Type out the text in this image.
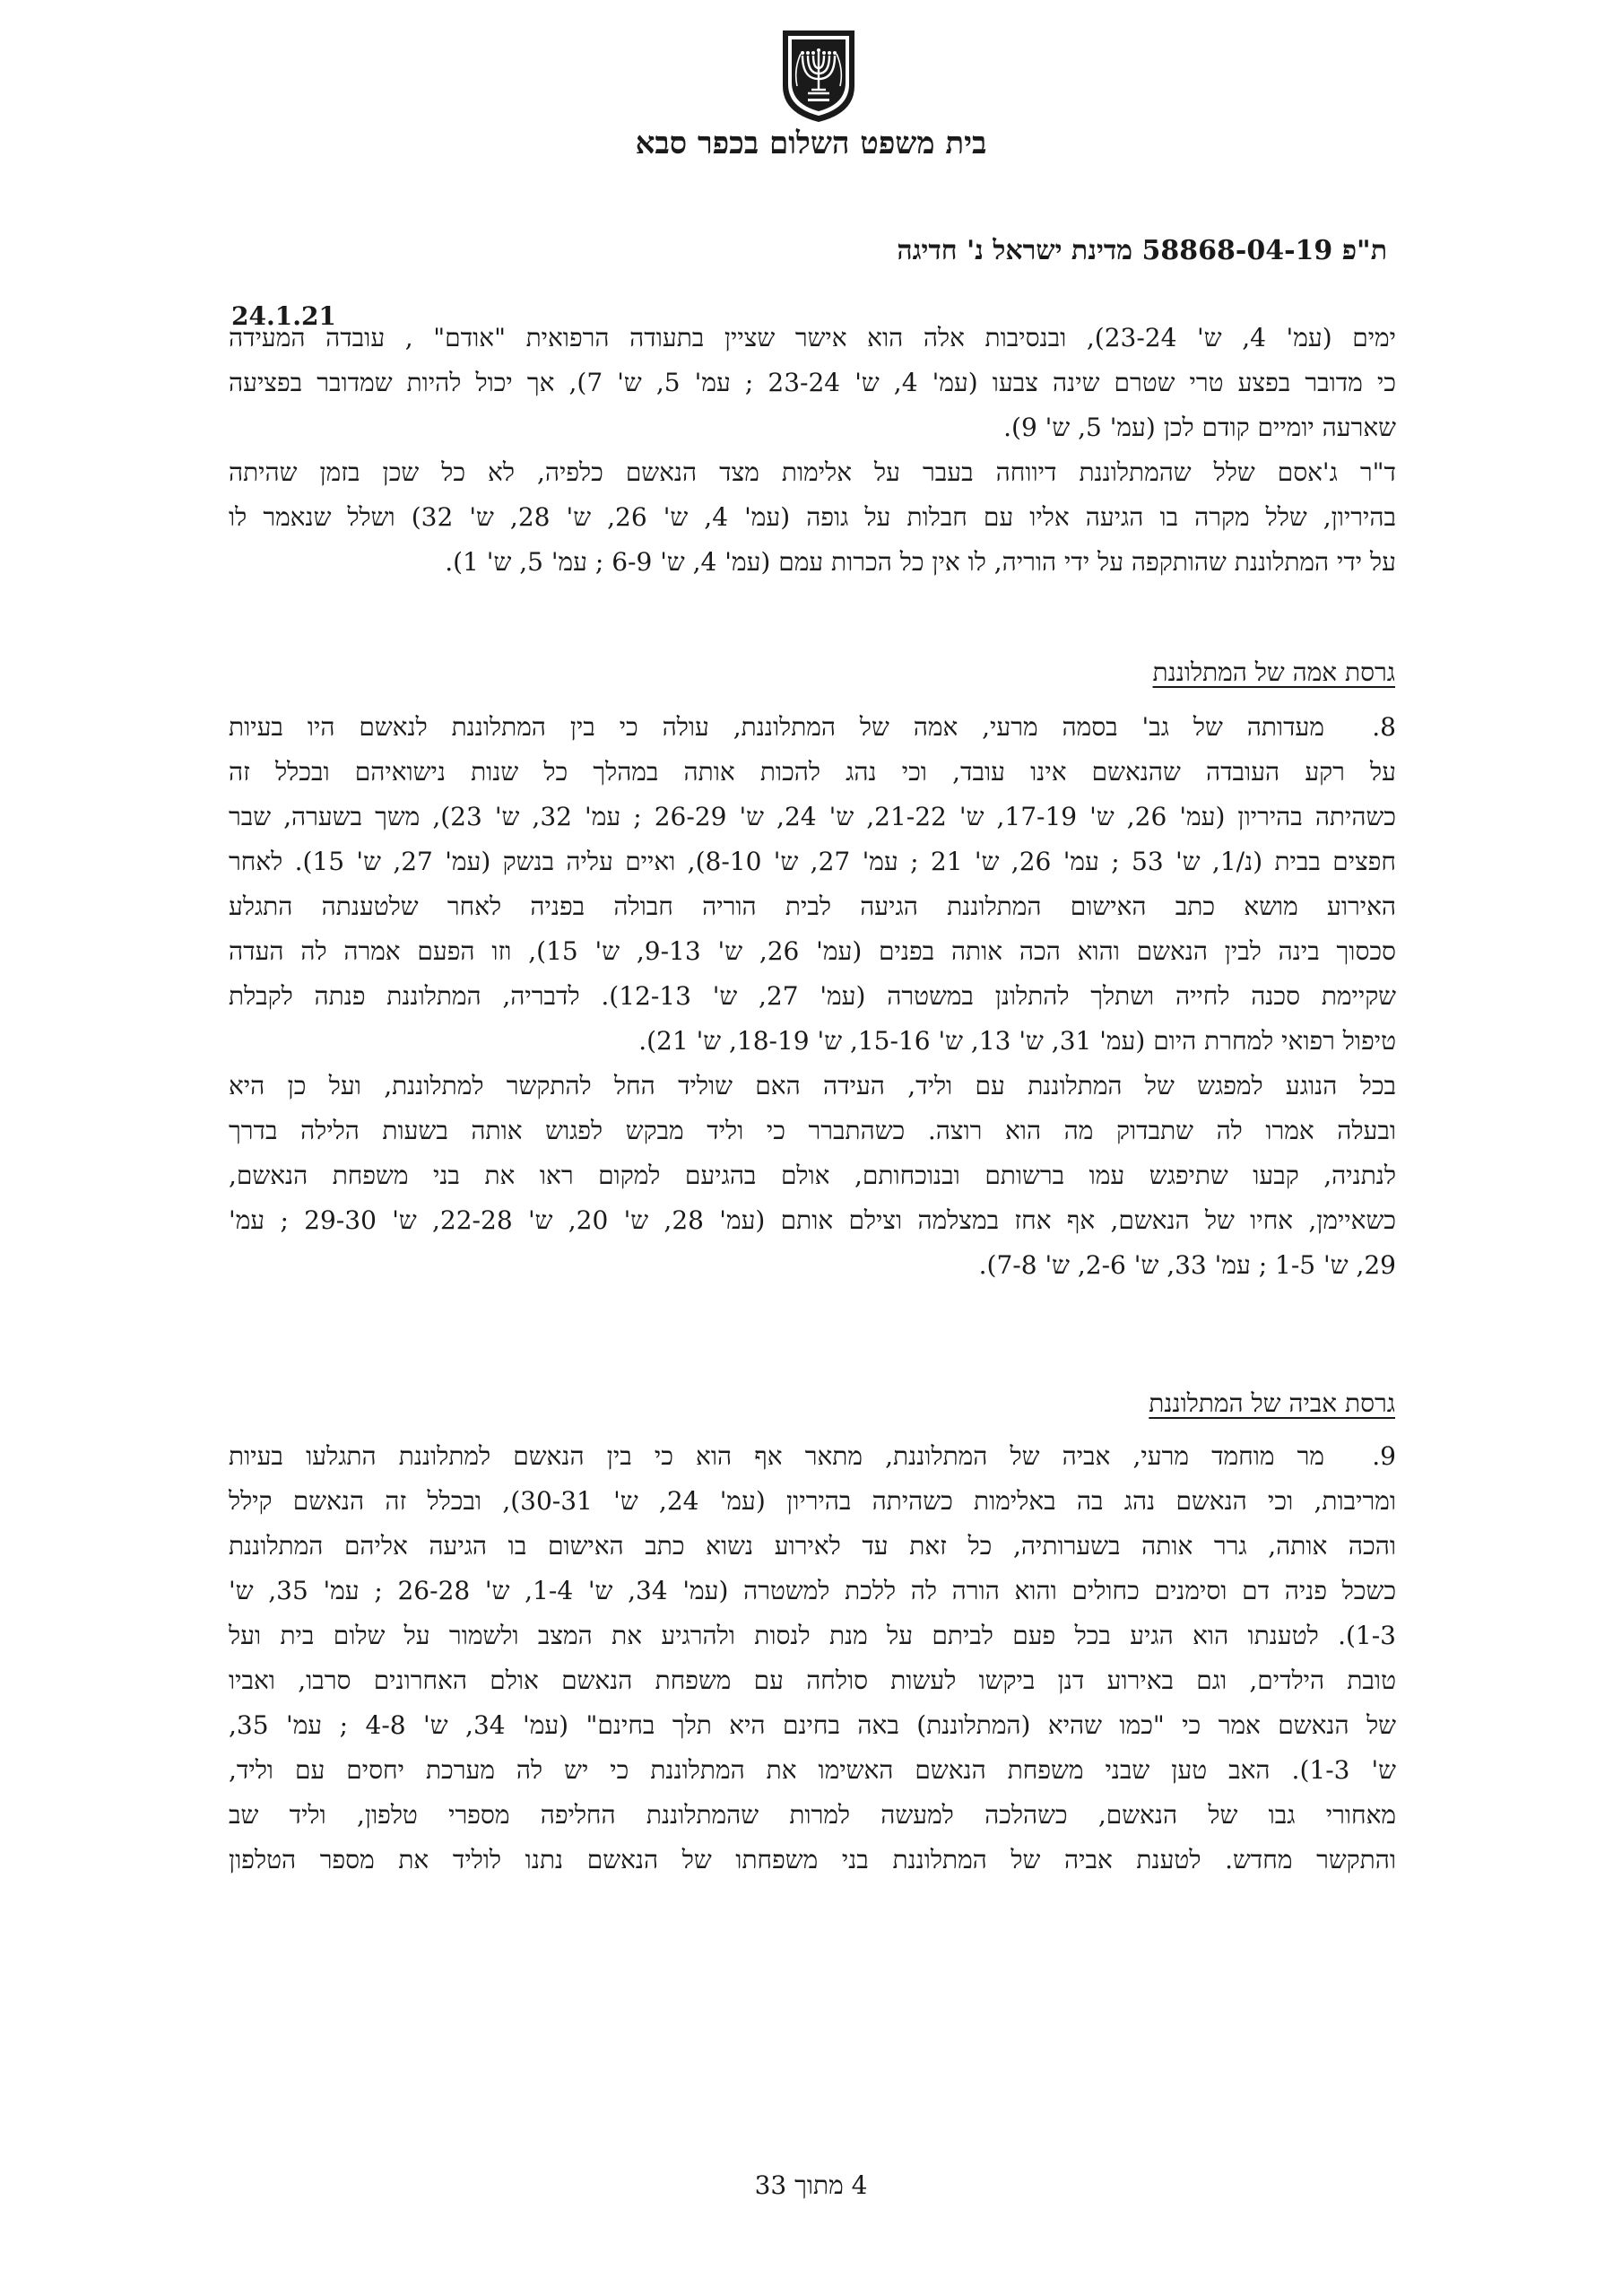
בית משפט השלום בכפר סבא
ת"פ 58868-04-19 מדינת ישראל נ' חדיגה
24.1.21
ימים (עמ' 4, ש' 23-24), ובנסיבות אלה הוא אישר שציין בתעודה הרפואית "אודם" , עובדה המעידה
כי מדובר בפצע טרי שטרם שינה צבעו (עמ' 4, ש' 23-24 ; עמ' 5, ש' 7), אך יכול להיות שמדובר בפציעה
שארעה יומיים קודם לכן (עמ' 5, ש' 9).
ד"ר ג'אסם שלל שהמתלוננת דיווחה בעבר על אלימות מצד הנאשם כלפיה, לא כל שכן בזמן שהיתה
בהיריון, שלל מקרה בו הגיעה אליו עם חבלות על גופה (עמ' 4, ש' 26, ש' 28, ש' 32) ושלל שנאמר לו
על ידי המתלוננת שהותקפה על ידי הוריה, לו אין כל הכרות עמם (עמ' 4, ש' 6-9 ; עמ' 5, ש' 1).
גרסת אמה של המתלוננת
8.מעדותה של גב' בסמה מרעי, אמה של המתלוננת, עולה כי בין המתלוננת לנאשם היו בעיות
על רקע העובדה שהנאשם אינו עובד, וכי נהג להכות אותה במהלך כל שנות נישואיהם ובכלל זה
כשהיתה בהיריון (עמ' 26, ש' 17-19, ש' 21-22, ש' 24, ש' 26-29 ; עמ' 32, ש' 23), משך בשערה, שבר
חפצים בבית (נ/1, ש' 53 ; עמ' 26, ש' 21 ; עמ' 27, ש' 8-10), ואיים עליה בנשק (עמ' 27, ש' 15). לאחר
האירוע מושא כתב האישום המתלוננת הגיעה לבית הוריה חבולה בפניה לאחר שלטענתה התגלע
סכסוך בינה לבין הנאשם והוא הכה אותה בפנים (עמ' 26, ש' 9-13, ש' 15), וזו הפעם אמרה לה העדה
שקיימת סכנה לחייה ושתלך להתלונן במשטרה (עמ' 27, ש' 12-13). לדבריה, המתלוננת פנתה לקבלת
טיפול רפואי למחרת היום (עמ' 31, ש' 13, ש' 15-16, ש' 18-19, ש' 21).
בכל הנוגע למפגש של המתלוננת עם וליד, העידה האם שוליד החל להתקשר למתלוננת, ועל כן היא
ובעלה אמרו לה שתבדוק מה הוא רוצה. כשהתברר כי וליד מבקש לפגוש אותה בשעות הלילה בדרך
לנתניה, קבעו שתיפגש עמו ברשותם ובנוכחותם, אולם בהגיעם למקום ראו את בני משפחת הנאשם,
כשאיימן, אחיו של הנאשם, אף אחז במצלמה וצילם אותם (עמ' 28, ש' 20, ש' 22-28, ש' 29-30 ; עמ'
29, ש' 1-5 ; עמ' 33, ש' 2-6, ש' 7-8).
גרסת אביה של המתלוננת
9.מר מוחמד מרעי, אביה של המתלוננת, מתאר אף הוא כי בין הנאשם למתלוננת התגלעו בעיות
ומריבות, וכי הנאשם נהג בה באלימות כשהיתה בהיריון (עמ' 24, ש' 30-31), ובכלל זה הנאשם קילל
והכה אותה, גרר אותה בשערותיה, כל זאת עד לאירוע נשוא כתב האישום בו הגיעה אליהם המתלוננת
כשכל פניה דם וסימנים כחולים והוא הורה לה ללכת למשטרה (עמ' 34, ש' 1-4, ש' 26-28 ; עמ' 35, ש'
1-3). לטענתו הוא הגיע בכל פעם לביתם על מנת לנסות ולהרגיע את המצב ולשמור על שלום בית ועל
טובת הילדים, וגם באירוע דנן ביקשו לעשות סולחה עם משפחת הנאשם אולם האחרונים סרבו, ואביו
של הנאשם אמר כי "כמו שהיא (המתלוננת) באה בחינם היא תלך בחינם" (עמ' 34, ש' 4-8 ; עמ' 35,
ש' 1-3). האב טען שבני משפחת הנאשם האשימו את המתלוננת כי יש לה מערכת יחסים עם וליד,
מאחורי גבו של הנאשם, כשהלכה למעשה למרות שהמתלוננת החליפה מספרי טלפון, וליד שב
והתקשר מחדש. לטענת אביה של המתלוננת בני משפחתו של הנאשם נתנו לוליד את מספר הטלפון
4 מתוך 33
